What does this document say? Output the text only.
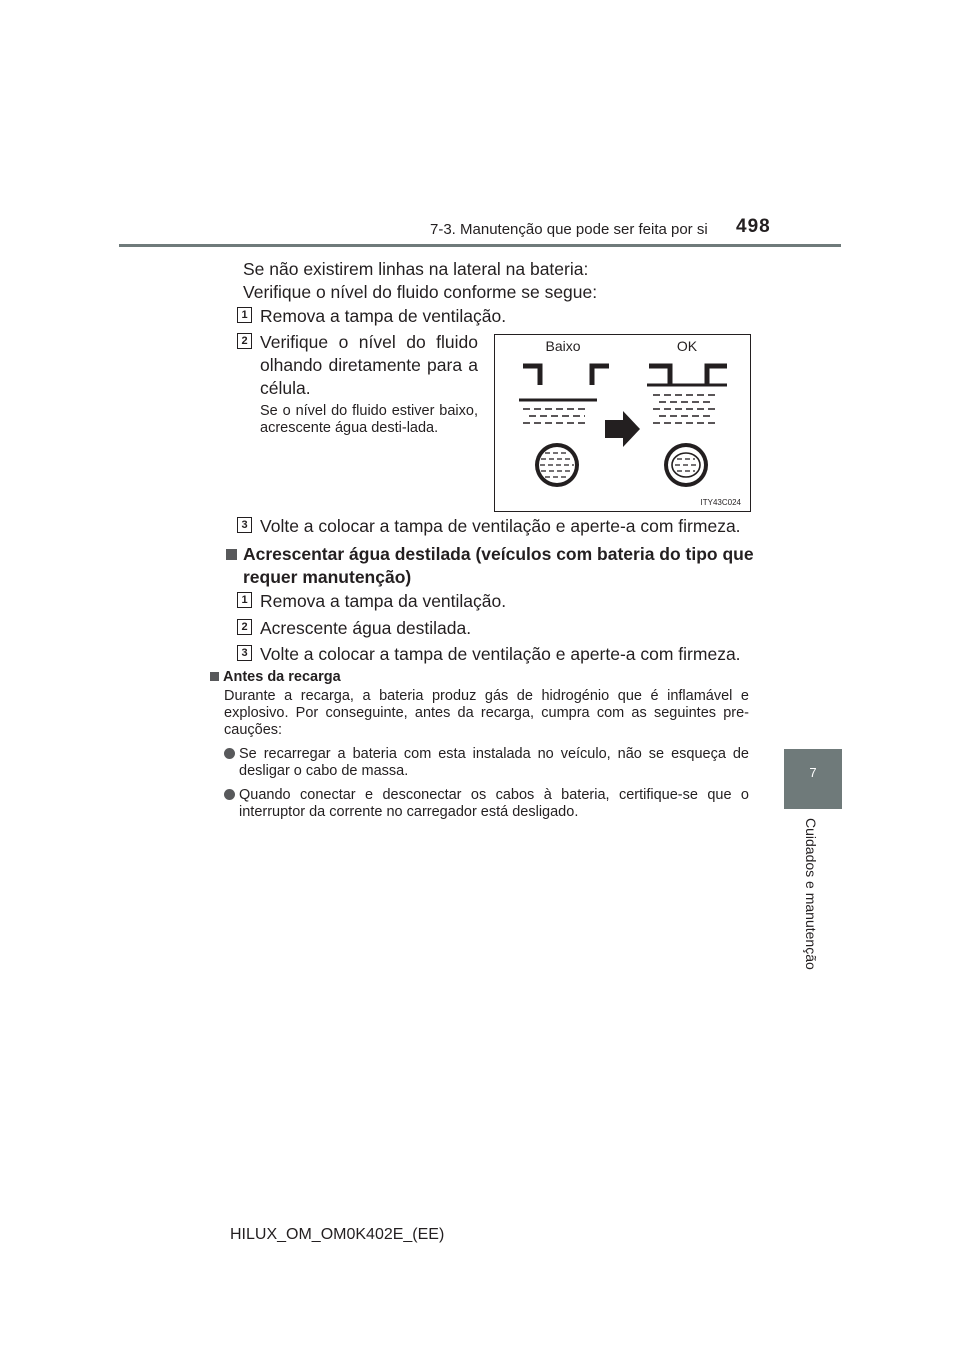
7-3. Manutenção que pode ser feita por si 498
7
Cuidados e manutenção
Se não existirem linhas na lateral na bateria:
Verifique o nível do fluido conforme se segue:
1 Remova a tampa de ventilação.
2 Verifique o nível do fluido
olhando diretamente para a
célula.
Se o nível do fluido estiver baixo, acrescente água desti-lada.
Baixo	OK
ITY43C024
3 Volte a colocar a tampa de ventilação e aperte-a com firmeza.
Acrescentar água destilada (veículos com bateria do tipo que
requer manutenção)
1 Remova a tampa da ventilação.
2 Acrescente água destilada.
3 Volte a colocar a tampa de ventilação e aperte-a com firmeza.
Antes da recarga
Durante a recarga, a bateria produz gás de hidrogénio que é inflamável e explosivo. Por conseguinte, antes da recarga, cumpra com as seguintes pre-cauções:
Se recarregar a bateria com esta instalada no veículo, não se esqueça de desligar o cabo de massa.
Quando conectar e desconectar os cabos à bateria, certifique-se que o interruptor da corrente no carregador está desligado.
HILUX_OM_OM0K402E_(EE)
